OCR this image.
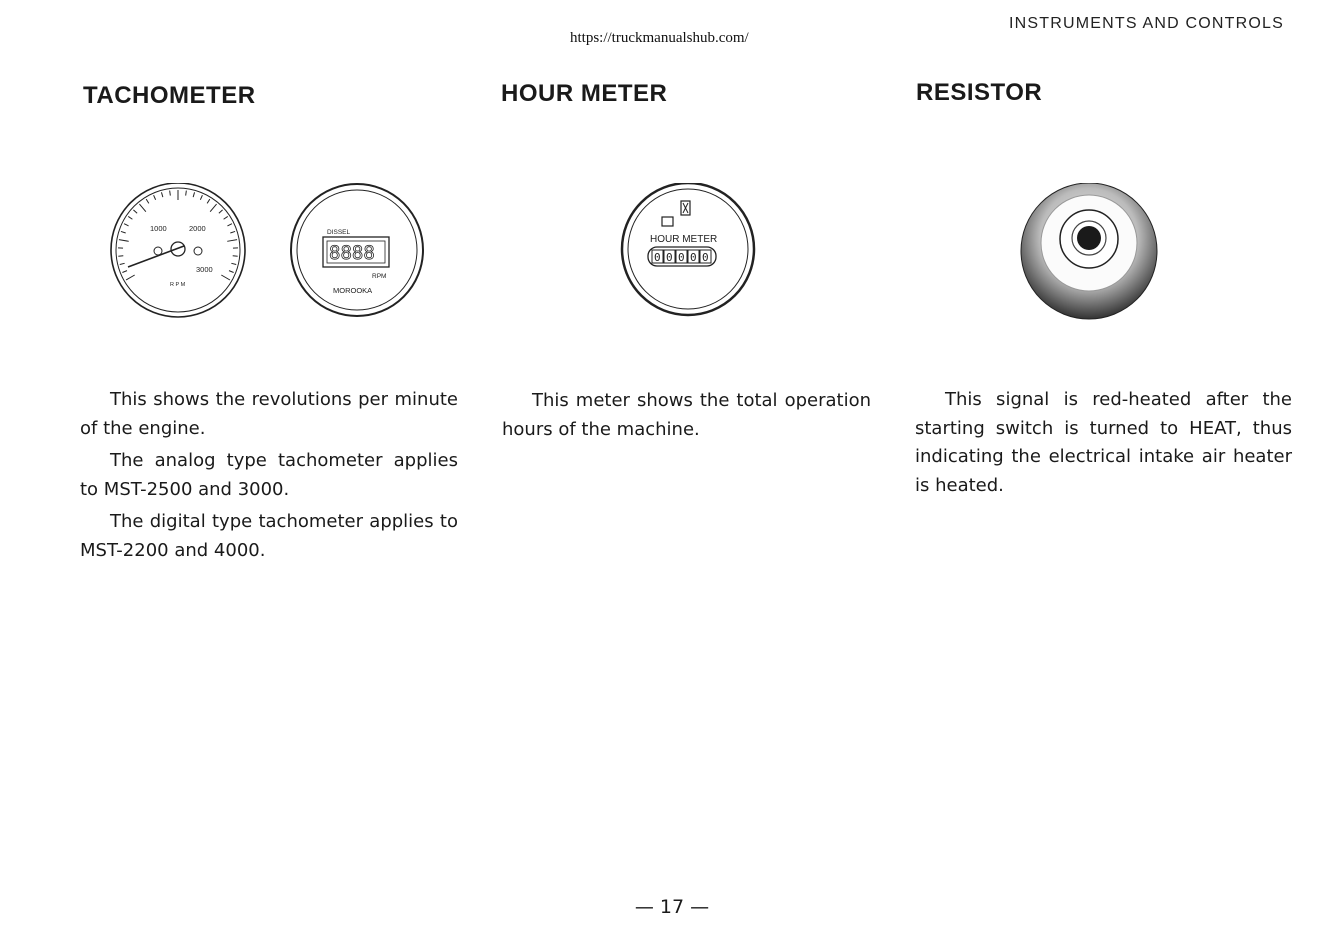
https://truckmanualshub.com/
INSTRUMENTS AND CONTROLS
TACHOMETER
1000	2000
3000
R P M
DISSEL
8888
RPM
MOROOKA

This shows the revolutions per minute of the engine.

The analog type tachometer applies to MST-2500 and 3000.

The digital type tachometer applies to MST-2200 and 4000.

HOUR METER
HOUR METER
0 0 0 0 0

This meter shows the total operation hours of the machine.

RESISTOR

This signal is red-heated after the starting switch is turned to HEAT, thus indicating the electrical intake air heater is heated.

— 17 —
